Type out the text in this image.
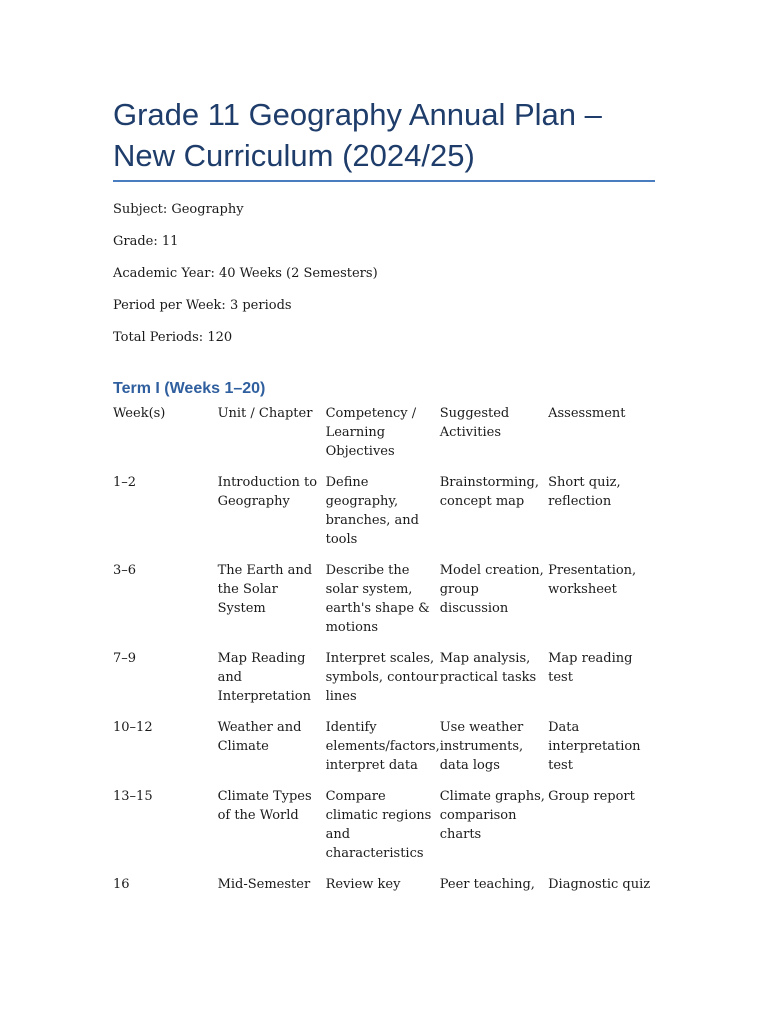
Grade 11 Geography Annual Plan – New Curriculum (2024/25)

Subject: Geography

Grade: 11

Academic Year: 40 Weeks (2 Semesters)

Period per Week: 3 periods

Total Periods: 120

Term I (Weeks 1–20)
Week(s)	Unit / Chapter	Competency / Learning Objectives	Suggested Activities	Assessment
1–2	Introduction to Geography	Define geography, branches, and tools	Brainstorming, concept map	Short quiz, reflection
3–6	The Earth and the Solar System	Describe the solar system, earth's shape & motions	Model creation, group discussion	Presentation, worksheet
7–9	Map Reading and Interpretation	Interpret scales, symbols, contour lines	Map analysis, practical tasks	Map reading test
10–12	Weather and Climate	Identify elements/factors, interpret data	Use weather instruments, data logs	Data interpretation test
13–15	Climate Types of the World	Compare climatic regions and characteristics	Climate graphs, comparison charts	Group report
16	Mid-Semester	Review key	Peer teaching,	Diagnostic quiz
